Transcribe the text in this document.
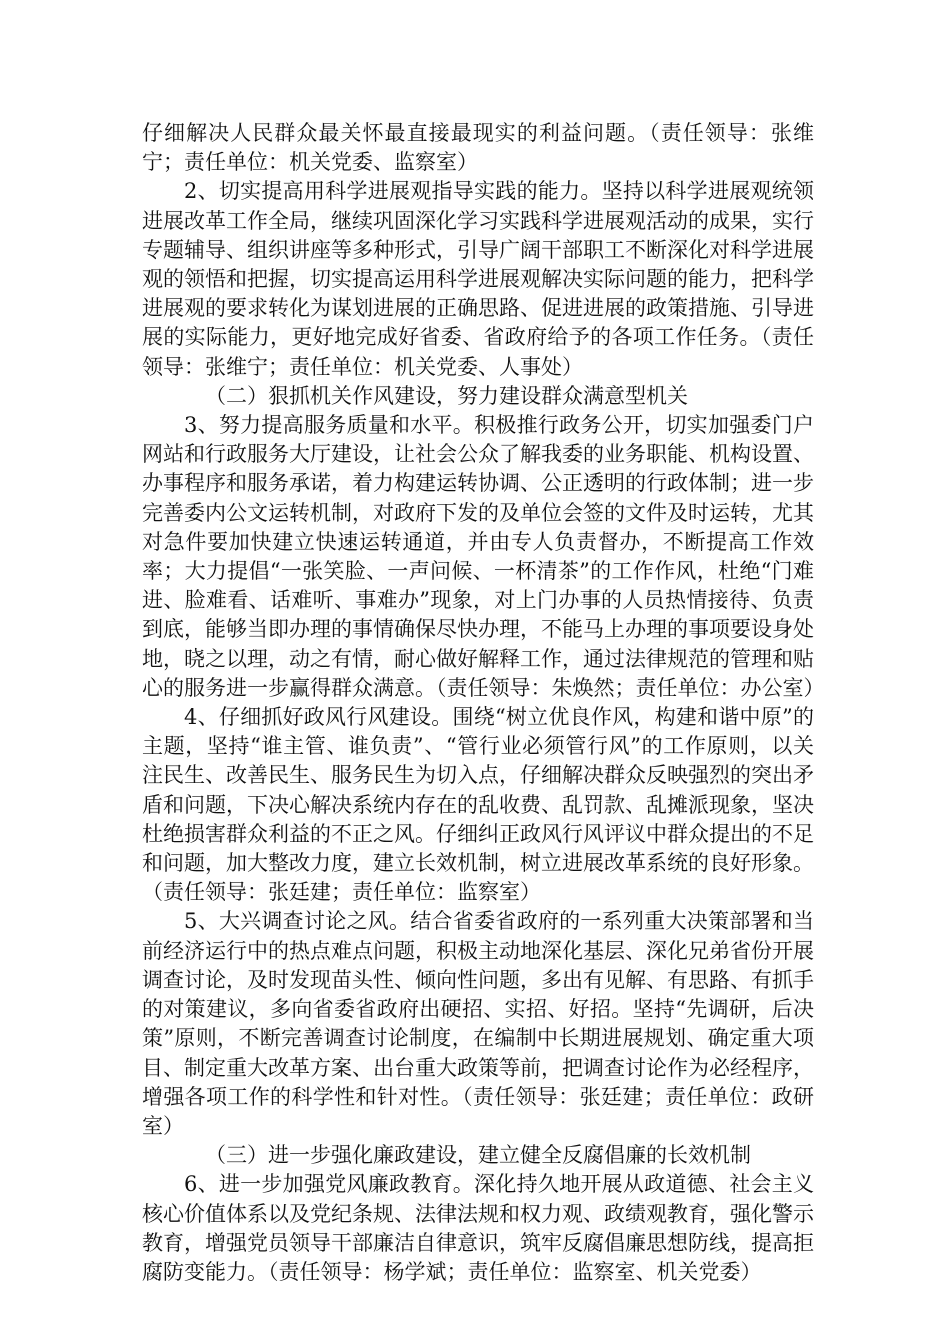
仔细解决人民群众最关怀最直接最现实的利益问题。（责任领导：张维宁；责任单位：机关党委、监察室）

2、切实提高用科学进展观指导实践的能力。坚持以科学进展观统领进展改革工作全局，继续巩固深化学习实践科学进展观活动的成果，实行专题辅导、组织讲座等多种形式，引导广阔干部职工不断深化对科学进展观的领悟和把握，切实提高运用科学进展观解决实际问题的能力，把科学进展观的要求转化为谋划进展的正确思路、促进进展的政策措施、引导进展的实际能力，更好地完成好省委、省政府给予的各项工作任务。（责任领导：张维宁；责任单位：机关党委、人事处）

（二）狠抓机关作风建设，努力建设群众满意型机关

3、努力提高服务质量和水平。积极推行政务公开，切实加强委门户网站和行政服务大厅建设，让社会公众了解我委的业务职能、机构设置、办事程序和服务承诺，着力构建运转协调、公正透明的行政体制；进一步完善委内公文运转机制，对政府下发的及单位会签的文件及时运转，尤其对急件要加快建立快速运转通道，并由专人负责督办，不断提高工作效率；大力提倡“一张笑脸、一声问候、一杯清茶”的工作作风，杜绝“门难进、脸难看、话难听、事难办”现象，对上门办事的人员热情接待、负责到底，能够当即办理的事情确保尽快办理，不能马上办理的事项要设身处地，晓之以理，动之有情，耐心做好解释工作，通过法律规范的管理和贴心的服务进一步赢得群众满意。（责任领导：朱焕然；责任单位：办公室）

4、仔细抓好政风行风建设。围绕“树立优良作风，构建和谐中原”的主题，坚持“谁主管、谁负责”、“管行业必须管行风”的工作原则，以关注民生、改善民生、服务民生为切入点，仔细解决群众反映强烈的突出矛盾和问题，下决心解决系统内存在的乱收费、乱罚款、乱摊派现象，坚决杜绝损害群众利益的不正之风。仔细纠正政风行风评议中群众提出的不足和问题，加大整改力度，建立长效机制，树立进展改革系统的良好形象。（责任领导：张廷建；责任单位：监察室）

5、大兴调查讨论之风。结合省委省政府的一系列重大决策部署和当前经济运行中的热点难点问题，积极主动地深化基层、深化兄弟省份开展调查讨论，及时发现苗头性、倾向性问题，多出有见解、有思路、有抓手的对策建议，多向省委省政府出硬招、实招、好招。坚持“先调研，后决策”原则，不断完善调查讨论制度，在编制中长期进展规划、确定重大项目、制定重大改革方案、出台重大政策等前，把调查讨论作为必经程序，增强各项工作的科学性和针对性。（责任领导：张廷建；责任单位：政研室）

（三）进一步强化廉政建设，建立健全反腐倡廉的长效机制

6、进一步加强党风廉政教育。深化持久地开展从政道德、社会主义核心价值体系以及党纪条规、法律法规和权力观、政绩观教育，强化警示教育，增强党员领导干部廉洁自律意识，筑牢反腐倡廉思想防线，提高拒腐防变能力。（责任领导：杨学斌；责任单位：监察室、机关党委）
